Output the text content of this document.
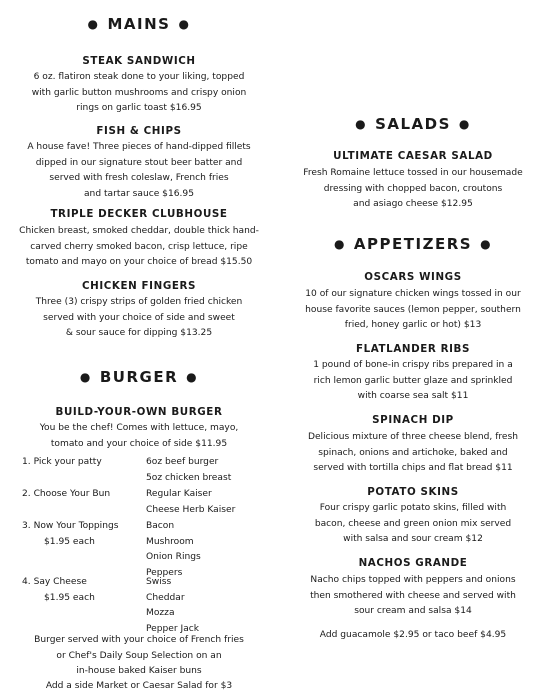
● MAINS ●
STEAK SANDWICH
6 oz. flatiron steak done to your liking, topped
with garlic button mushrooms and crispy onion
rings on garlic toast $16.95
FISH & CHIPS
A house fave! Three pieces of hand-dipped fillets
dipped in our signature stout beer batter and
served with fresh coleslaw, French fries
and tartar sauce $16.95
TRIPLE DECKER CLUBHOUSE
Chicken breast, smoked cheddar, double thick hand-
carved cherry smoked bacon, crisp lettuce, ripe
tomato and mayo on your choice of bread $15.50
CHICKEN FINGERS
Three (3) crispy strips of golden fried chicken
served with your choice of side and sweet
& sour sauce for dipping $13.25
● BURGER ●
BUILD-YOUR-OWN BURGER
You be the chef! Comes with lettuce, mayo,
tomato and your choice of side $11.95
1. Pick your patty	6oz beef burger
5oz chicken breast
2. Choose Your Bun	Regular Kaiser
Cheese Herb Kaiser
3. Now Your Toppings
$1.95 each
Bacon
Mushroom
Onion Rings
Peppers
4. Say Cheese
$1.95 each
Swiss
Cheddar
Mozza
Pepper Jack
Burger served with your choice of French fries
or Chef's Daily Soup Selection on an
in-house baked Kaiser buns
Add a side Market or Caesar Salad for $3
● SALADS ●
ULTIMATE CAESAR SALAD
Fresh Romaine lettuce tossed in our housemade
dressing with chopped bacon, croutons
and asiago cheese $12.95
● APPETIZERS ●
OSCARS WINGS
10 of our signature chicken wings tossed in our
house favorite sauces (lemon pepper, southern
fried, honey garlic or hot) $13
FLATLANDER RIBS
1 pound of bone-in crispy ribs prepared in a
rich lemon garlic butter glaze and sprinkled
with coarse sea salt $11
SPINACH DIP
Delicious mixture of three cheese blend, fresh
spinach, onions and artichoke, baked and
served with tortilla chips and flat bread $11
POTATO SKINS
Four crispy garlic potato skins, filled with
bacon, cheese and green onion mix served
with salsa and sour cream $12
NACHOS GRANDE
Nacho chips topped with peppers and onions
then smothered with cheese and served with
sour cream and salsa $14
Add guacamole $2.95 or taco beef $4.95
